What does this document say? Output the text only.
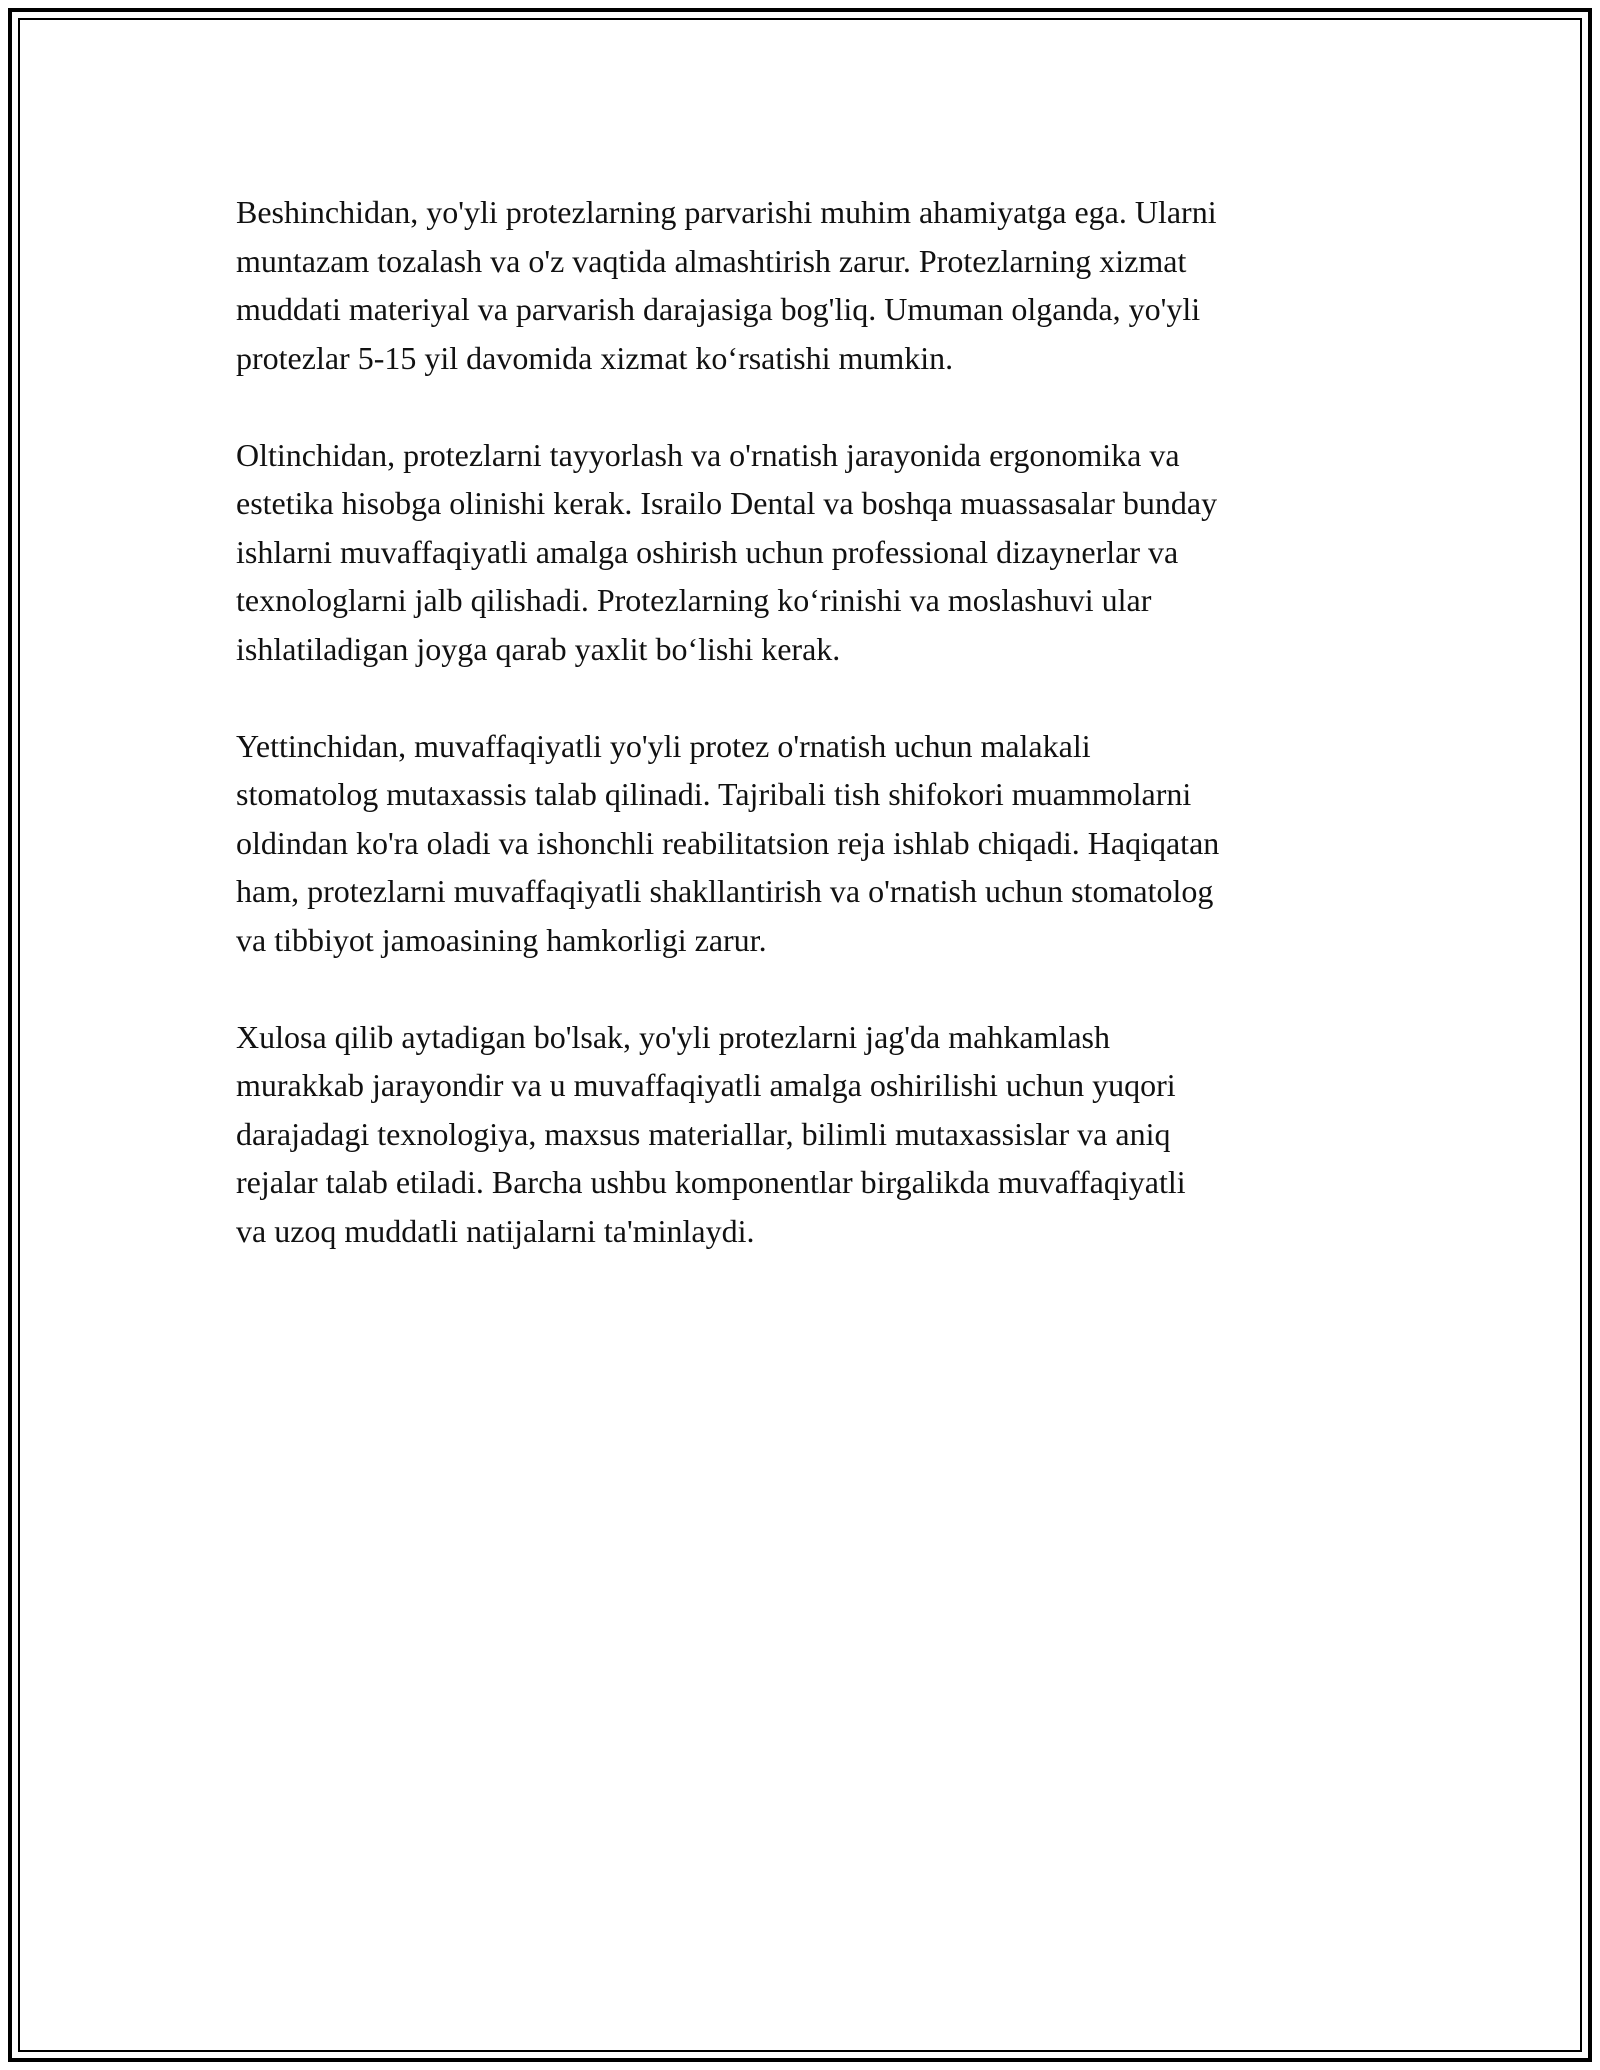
Beshinchidan, yo'yli protezlarning parvarishi muhim ahamiyatga ega. Ularni
muntazam tozalash va o'z vaqtida almashtirish zarur. Protezlarning xizmat
muddati materiyal va parvarish darajasiga bog'liq. Umuman olganda, yo'yli
protezlar 5-15 yil davomida xizmat ko‘rsatishi mumkin.

Oltinchidan, protezlarni tayyorlash va o'rnatish jarayonida ergonomika va
estetika hisobga olinishi kerak. Israilo Dental va boshqa muassasalar bunday
ishlarni muvaffaqiyatli amalga oshirish uchun professional dizaynerlar va
texnologlarni jalb qilishadi. Protezlarning ko‘rinishi va moslashuvi ular
ishlatiladigan joyga qarab yaxlit bo‘lishi kerak.

Yettinchidan, muvaffaqiyatli yo'yli protez o'rnatish uchun malakali
stomatolog mutaxassis talab qilinadi. Tajribali tish shifokori muammolarni
oldindan ko'ra oladi va ishonchli reabilitatsion reja ishlab chiqadi. Haqiqatan
ham, protezlarni muvaffaqiyatli shakllantirish va o'rnatish uchun stomatolog
va tibbiyot jamoasining hamkorligi zarur.

Xulosa qilib aytadigan bo'lsak, yo'yli protezlarni jag'da mahkamlash
murakkab jarayondir va u muvaffaqiyatli amalga oshirilishi uchun yuqori
darajadagi texnologiya, maxsus materiallar, bilimli mutaxassislar va aniq
rejalar talab etiladi. Barcha ushbu komponentlar birgalikda muvaffaqiyatli
va uzoq muddatli natijalarni ta'minlaydi.
